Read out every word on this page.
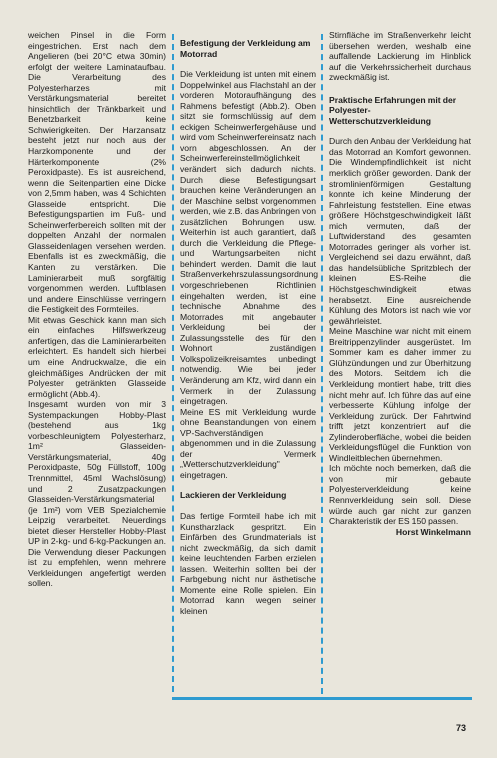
weichen Pinsel in die Form eingestrichen. Erst nach dem Angelieren (bei 20°C etwa 30min) erfolgt der weitere Laminataufbau. Die Verarbeitung des Polyesterharzes mit Verstärkungsmaterial bereitet hinsichtlich der Tränkbarkeit und Benetzbarkeit keine Schwierigkeiten. Der Harzansatz besteht jetzt nur noch aus der Harzkomponente und der Härterkomponente (2% Peroxidpaste). Es ist ausreichend, wenn die Seitenpartien eine Dicke von 2,5mm haben, was 4 Schichten Glasseide entspricht. Die Befestigungspartien im Fuß- und Scheinwerferbereich sollten mit der doppelten Anzahl der normalen Glasseidenlagen versehen werden. Ebenfalls ist es zweckmäßig, die Kanten zu verstärken. Die Laminierarbeit muß sorgfältig vorgenommen werden. Luftblasen und andere Einschlüsse verringern die Festigkeit des Formteiles.

Mit etwas Geschick kann man sich ein einfaches Hilfswerkzeug anfertigen, das die Laminierarbeiten erleichtert. Es handelt sich hierbei um eine Andruckwalze, die ein gleichmäßiges Andrücken der mit Polyester getränkten Glasseide ermöglicht (Abb.4).

Insgesamt wurden von mir 3 Systempackungen Hobby-Plast (bestehend aus 1kg vorbeschleunigtem Polyesterharz, 1m² Glasseiden-Verstärkungsmaterial, 40g Peroxidpaste, 50g Füllstoff, 100g Trennmittel, 45ml Wachslösung) und 2 Zusatzpackungen Glasseiden-Verstärkungsmaterial (je 1m²) vom VEB Spezialchemie Leipzig verarbeitet. Neuerdings bietet dieser Hersteller Hobby-Plast UP in 2-kg- und 6-kg-Packungen an. Die Verwendung dieser Packungen ist zu empfehlen, wenn mehrere Verkleidungen angefertigt werden sollen.

Befestigung der Verkleidung am Motorrad

Die Verkleidung ist unten mit einem Doppelwinkel aus Flachstahl an der vorderen Motoraufhängung des Rahmens befestigt (Abb.2). Oben sitzt sie formschlüssig auf dem eckigen Scheinwerfergehäuse und wird vom Scheinwerfereinsatz nach vorn abgeschlossen. An der Scheinwerfereinstellmöglichkeit verändert sich dadurch nichts. Durch diese Befestigungsart brauchen keine Veränderungen an der Maschine selbst vorgenommen werden, wie z.B. das Anbringen von zusätzlichen Bohrungen usw. Weiterhin ist auch garantiert, daß durch die Verkleidung die Pflege- und Wartungsarbeiten nicht behindert werden. Damit die laut Straßenverkehrszulassungsordnung vorgeschriebenen Richtlinien eingehalten werden, ist eine technische Abnahme des Motorrades mit angebauter Verkleidung bei der Zulassungsstelle des für den Wohnort zuständigen Volkspolizeikreisamtes unbedingt notwendig. Wie bei jeder Veränderung am Kfz, wird dann ein Vermerk in der Zulassung eingetragen.

Meine ES mit Verkleidung wurde ohne Beanstandungen von einem VP-Sachverständigen abgenommen und in die Zulassung der Vermerk „Wetterschutzverkleidung" eingetragen.

Lackieren der Verkleidung

Das fertige Formteil habe ich mit Kunstharzlack gespritzt. Ein Einfärben des Grundmaterials ist nicht zweckmäßig, da sich damit keine leuchtenden Farben erzielen lassen. Weiterhin sollten bei der Farbgebung nicht nur ästhetische Momente eine Rolle spielen. Ein Motorrad kann wegen seiner kleinen

Stirnfläche im Straßenverkehr leicht übersehen werden, weshalb eine auffallende Lackierung im Hinblick auf die Verkehrssicherheit durchaus zweckmäßig ist.

Praktische Erfahrungen mit der Polyester-Wetterschutzverkleidung

Durch den Anbau der Verkleidung hat das Motorrad an Komfort gewonnen. Die Windempfindlichkeit ist nicht merklich größer geworden. Dank der stromlinienförmigen Gestaltung konnte ich keine Minderung der Fahrleistung feststellen. Eine etwas größere Höchstgeschwindigkeit läßt mich vermuten, daß der Luftwiderstand des gesamten Motorrades geringer als vorher ist. Vergleichend sei dazu erwähnt, daß das handelsübliche Spritzblech der kleinen ES-Reihe die Höchstgeschwindigkeit etwas herabsetzt. Eine ausreichende Kühlung des Motors ist nach wie vor gewährleistet.

Meine Maschine war nicht mit einem Breitrippenzylinder ausgerüstet. Im Sommer kam es daher immer zu Glühzündungen und zur Überhitzung des Motors. Seitdem ich die Verkleidung montiert habe, tritt dies nicht mehr auf. Ich führe das auf eine verbesserte Kühlung infolge der Verkleidung zurück. Der Fahrtwind trifft jetzt konzentriert auf die Zylinderoberfläche, wobei die beiden Verkleidungsflügel die Funktion von Windleitblechen übernehmen.

Ich möchte noch bemerken, daß die von mir gebaute Polyesterverkleidung keine Rennverkleidung sein soll. Diese würde auch gar nicht zur ganzen Charakteristik der ES 150 passen.

Horst Winkelmann

73
